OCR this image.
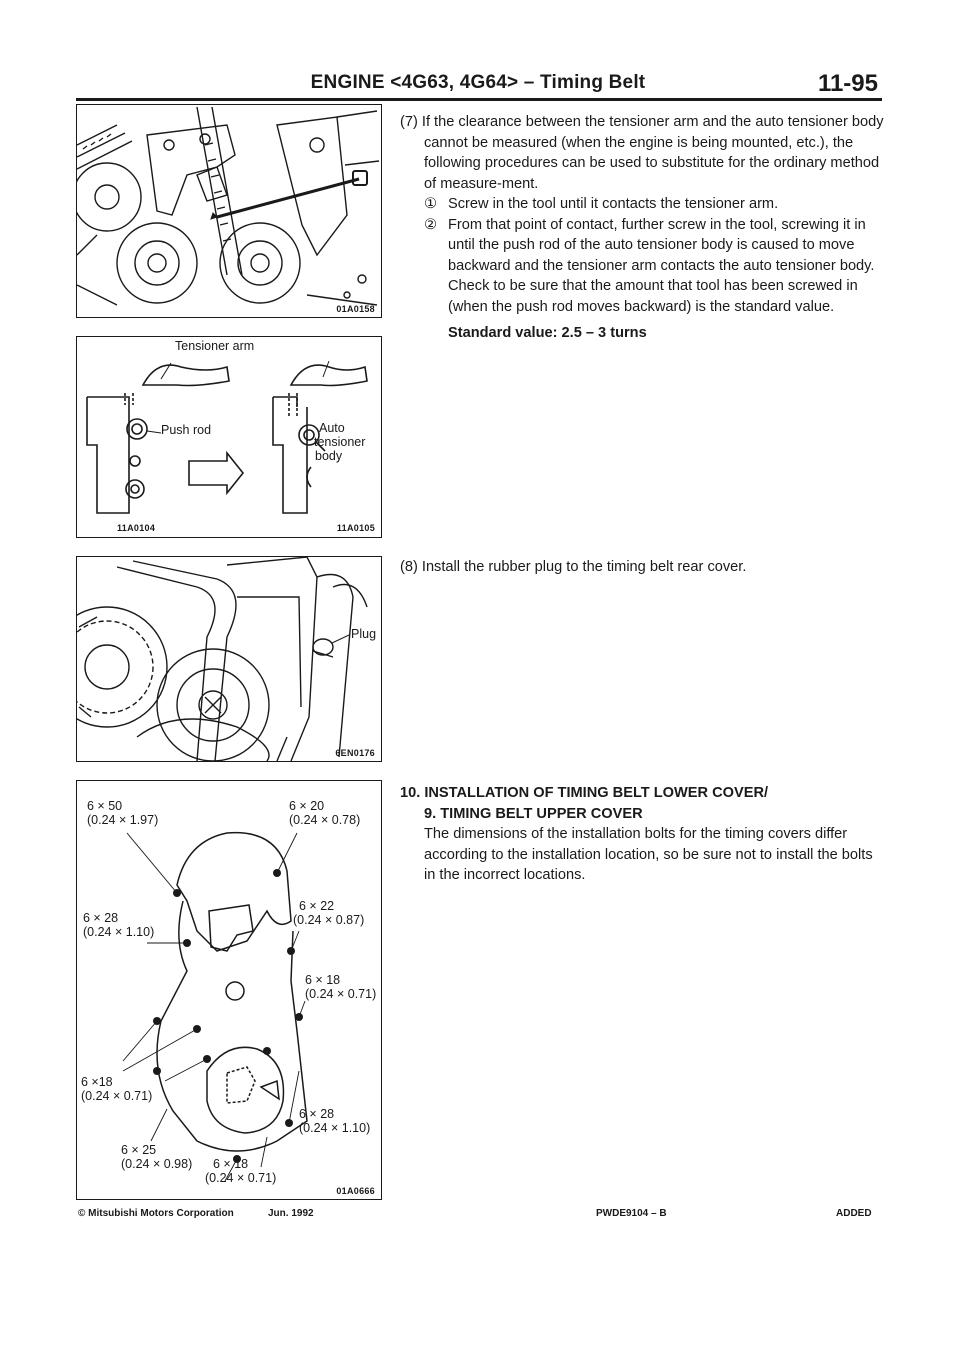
ENGINE <4G63, 4G64> – Timing Belt	11-95
01A0158
Tensioner arm
Push rod	Auto
tensioner
body
11A0104	11A0105
Plug
6EN0176
6 × 50
(0.24 × 1.97)
6 × 20
(0.24 × 0.78)
6 × 28
(0.24 × 1.10)
6 × 22
(0.24 × 0.87)
6 × 18
(0.24 × 0.71)
6 ×18
(0.24 × 0.71)
6 × 28
(0.24 × 1.10)
6 × 25
(0.24 × 0.98) 6 × 18
(0.24 × 0.71)
01A0666

(7) If the clearance between the tensioner arm and the auto tensioner body cannot be measured (when the engine is being mounted, etc.), the following procedures can be used to substitute for the ordinary method of measure-ment.

① Screw in the tool until it contacts the tensioner arm.
② From that point of contact, further screw in the tool, screwing it in until the push rod of the auto tensioner body is caused to move backward and the tensioner arm contacts the auto tensioner body.

Check to be sure that the amount that tool has been screwed in (when the push rod moves backward) is the standard value.

Standard value: 2.5 – 3 turns

(8) Install the rubber plug to the timing belt rear cover.

10. INSTALLATION OF TIMING BELT LOWER COVER/

9. TIMING BELT UPPER COVER

The dimensions of the installation bolts for the timing covers differ according to the installation location, so be sure not to install the bolts in the incorrect locations.

© Mitsubishi Motors Corporation	Jun. 1992	PWDE9104 – B	ADDED
